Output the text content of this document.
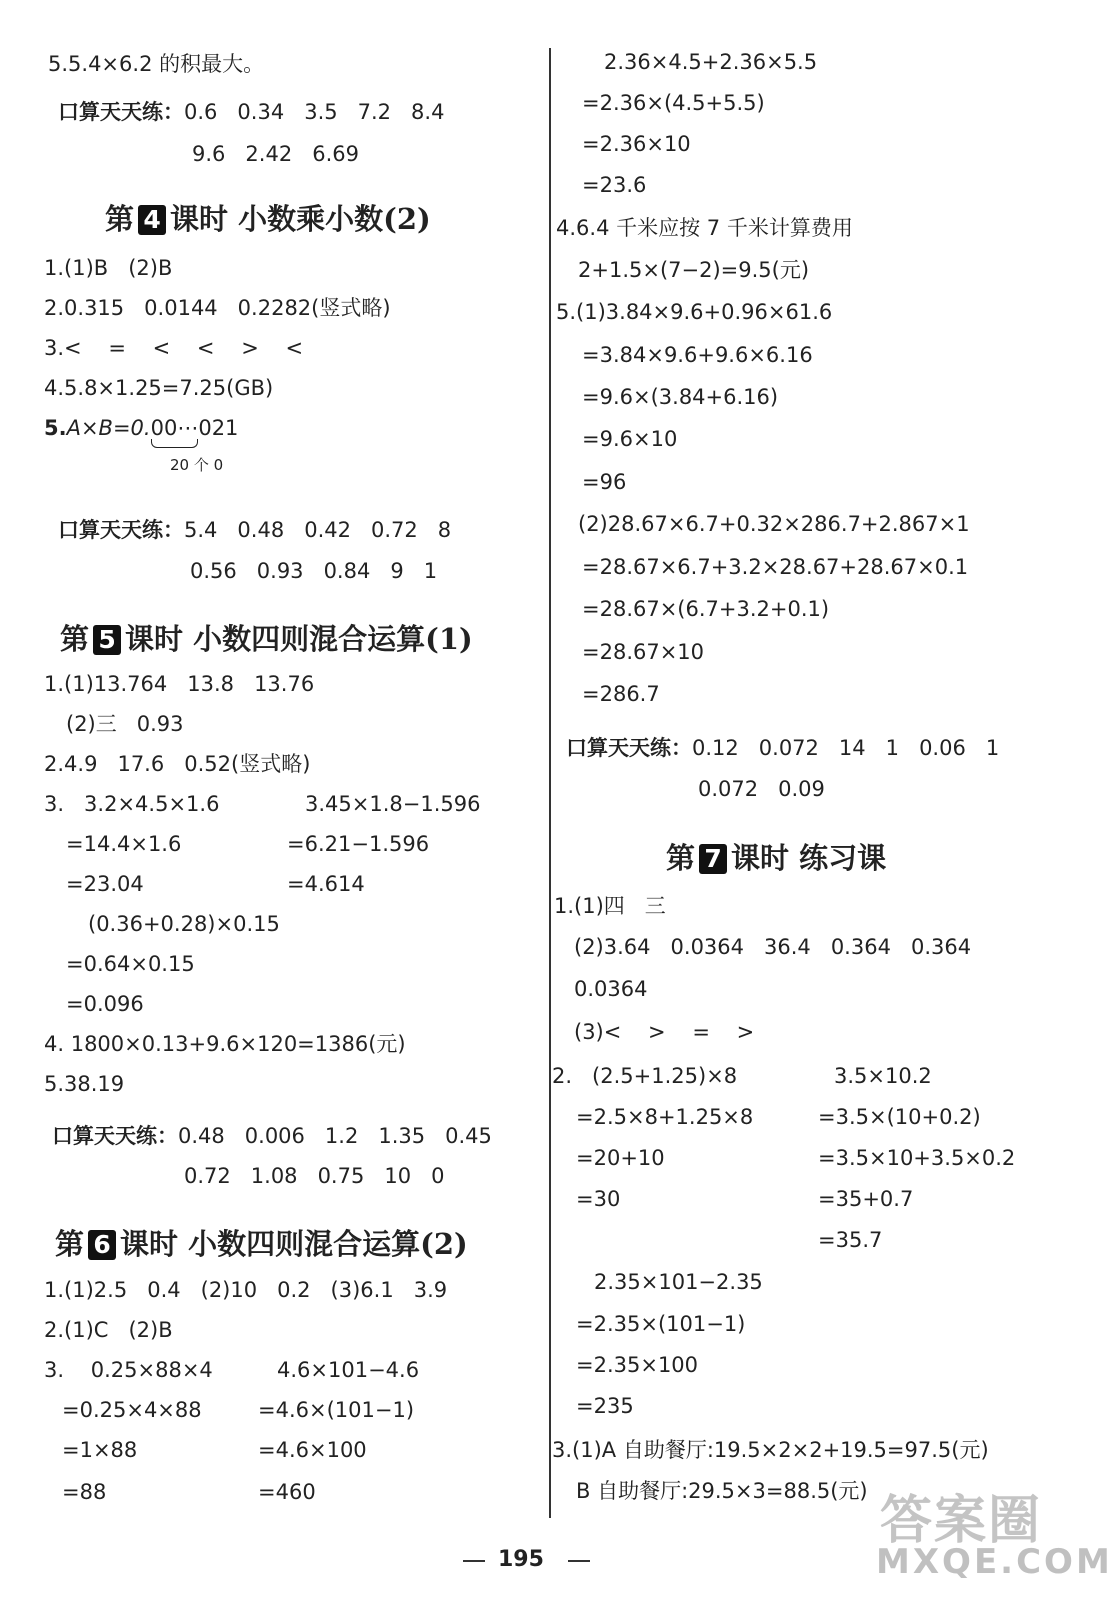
5.5.4×6.2 的积最大。
口算天天练：0.6   0.34   3.5   7.2   8.4
9.6   2.42   6.69
第 4 课时 小数乘小数(2)
1.(1)B   (2)B
2.0.315   0.0144   0.2282(竖式略)
3.<    =    <    <    >    <
4.5.8×1.25=7.25(GB)
5.A×B=0.00⋯
021
20 个 0
口算天天练：5.4   0.48   0.42   0.72   8
0.56   0.93   0.84   9   1
第 5 课时 小数四则混合运算(1)
1.(1)13.764   13.8   13.76
(2)三   0.93
2.4.9   17.6   0.52(竖式略)
3.   3.2×4.5×1.6	3.45×1.8−1.596
=14.4×1.6	=6.21−1.596
=23.04	=4.614
(0.36+0.28)×0.15
=0.64×0.15
=0.096
4. 1800×0.13+9.6×120=1386(元)
5.38.19
口算天天练：0.48   0.006   1.2   1.35   0.45
0.72   1.08   0.75   10   0
第 6 课时 小数四则混合运算(2)
1.(1)2.5   0.4   (2)10   0.2   (3)6.1   3.9
2.(1)C   (2)B
3.    0.25×88×4	4.6×101−4.6
=0.25×4×88	=4.6×(101−1)
=1×88	=4.6×100
=88	=460
2.36×4.5+2.36×5.5
=2.36×(4.5+5.5)
=2.36×10
=23.6
4.6.4 千米应按 7 千米计算费用
2+1.5×(7−2)=9.5(元)
5.(1)3.84×9.6+0.96×61.6
=3.84×9.6+9.6×6.16
=9.6×(3.84+6.16)
=9.6×10
=96
(2)28.67×6.7+0.32×286.7+2.867×1
=28.67×6.7+3.2×28.67+28.67×0.1
=28.67×(6.7+3.2+0.1)
=28.67×10
=286.7
口算天天练：0.12   0.072   14   1   0.06   1
0.072   0.09
第 7 课时 练习课
1.(1)四   三
(2)3.64   0.0364   36.4   0.364   0.364
0.0364
(3)<    >    =    >
2.   (2.5+1.25)×8	3.5×10.2
=2.5×8+1.25×8	=3.5×(10+0.2)
=20+10	=3.5×10+3.5×0.2
=30	=35+0.7
=35.7
2.35×101−2.35
=2.35×(101−1)
=2.35×100
=235
3.(1)A 自助餐厅:19.5×2×2+19.5=97.5(元)
B 自助餐厅:29.5×3=88.5(元)
195
答案圈
MXQE.COM
